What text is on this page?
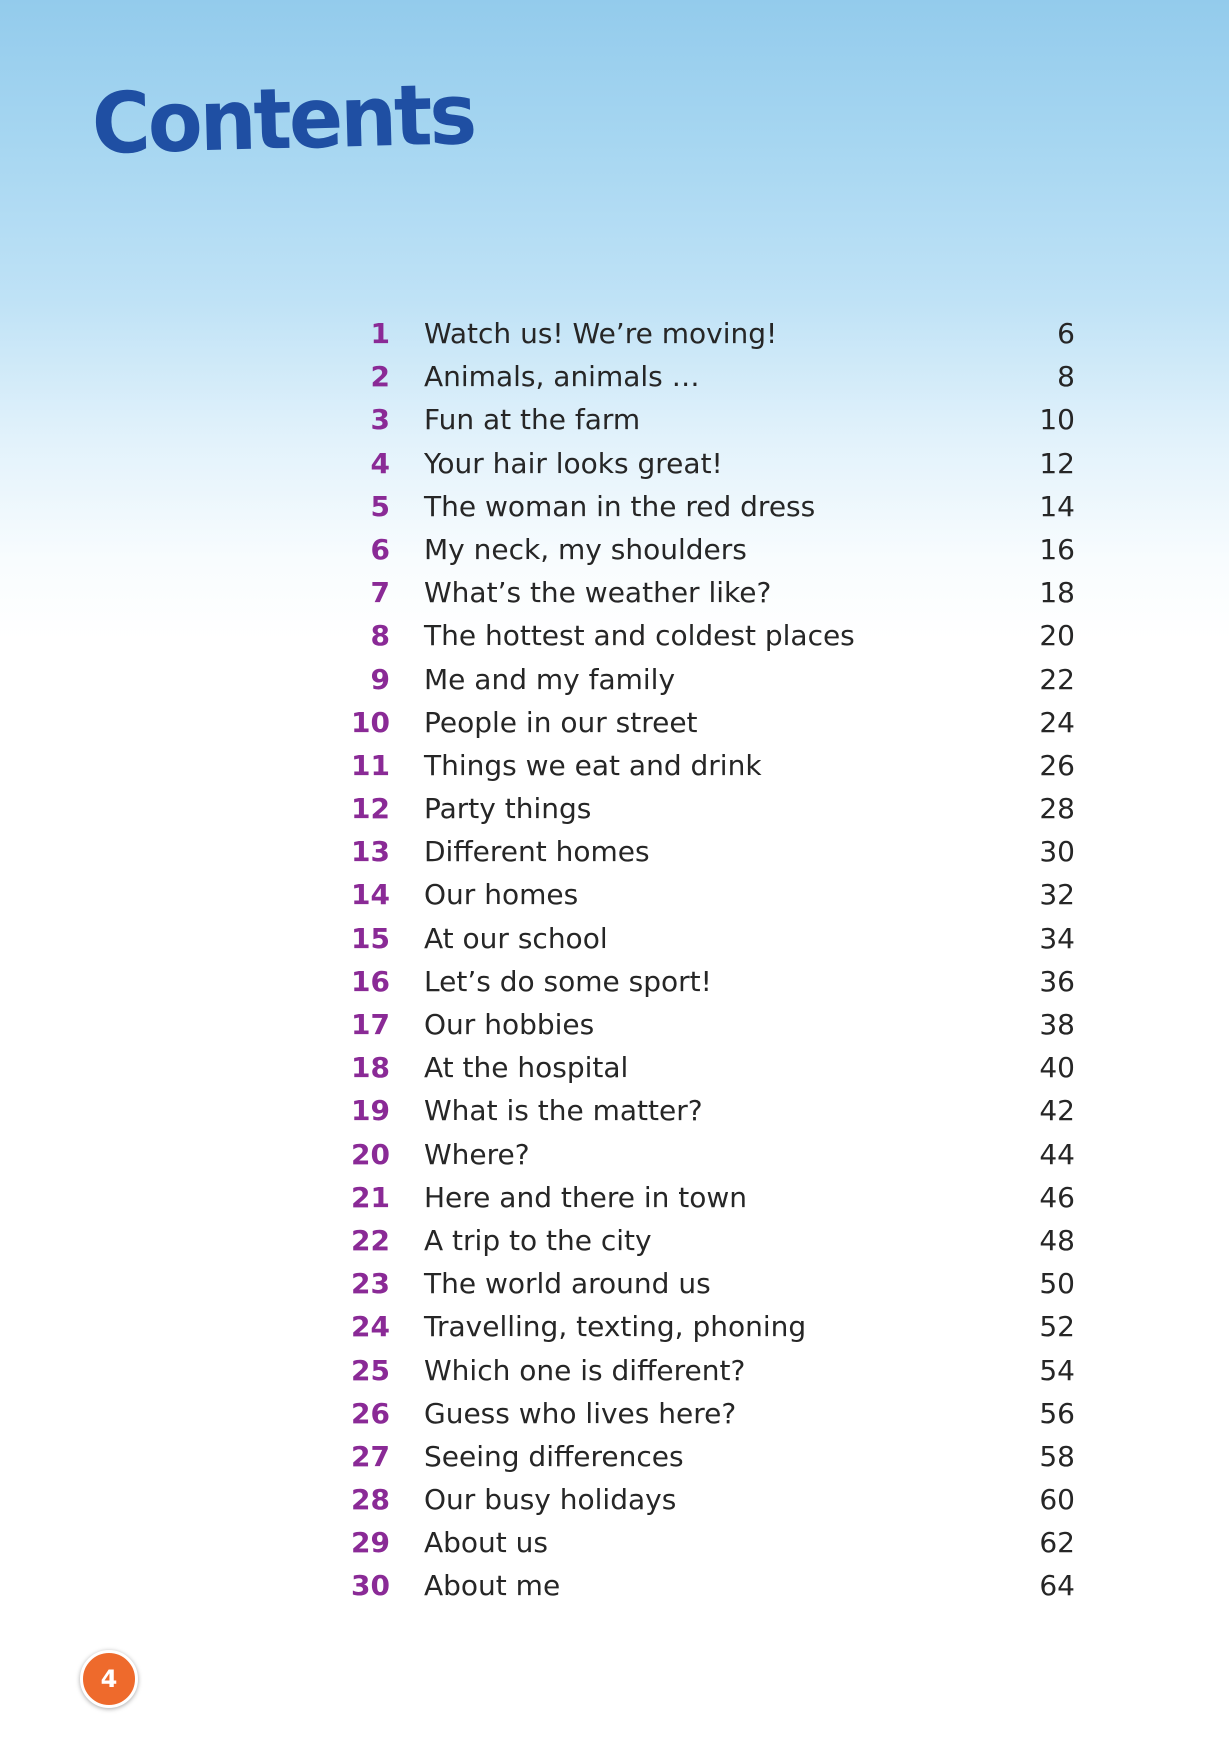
Contents
1 Watch us! We’re moving!	6
2 Animals, animals …	8
3 Fun at the farm	10
4 Your hair looks great!	12
5 The woman in the red dress	14
6 My neck, my shoulders	16
7 What’s the weather like?	18
8 The hottest and coldest places	20
9 Me and my family	22
10 People in our street	24
11 Things we eat and drink	26
12 Party things	28
13 Different homes	30
14 Our homes	32
15 At our school	34
16 Let’s do some sport!	36
17 Our hobbies	38
18 At the hospital	40
19 What is the matter?	42
20 Where?	44
21 Here and there in town	46
22 A trip to the city	48
23 The world around us	50
24 Travelling, texting, phoning	52
25 Which one is different?	54
26 Guess who lives here?	56
27 Seeing differences	58
28 Our busy holidays	60
29 About us	62
30 About me	64
4
